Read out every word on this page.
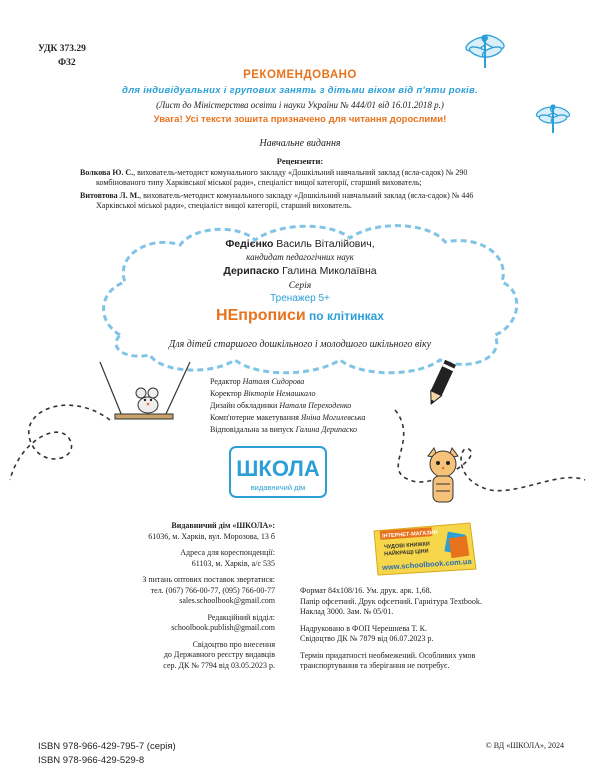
УДК 373.29
Ф32
РЕКОМЕНДОВАНО
для індивідуальних і групових занять з дітьми віком від п'яти років.
(Лист до Міністерства освіти і науки України № 444/01 від 16.01.2018 р.)
Увага! Усі тексти зошита призначено для читання дорослими!
Навчальне видання
Рецензенти:
Волкова Ю. С., вихователь-методист комунального закладу «Дошкільний навчальний заклад (ясла-садок) № 290
комбінованого типу Харківської міської ради», спеціаліст вищої категорії, старший вихователь;
Витовтова Л. М., вихователь-методист комунального закладу «Дошкільний навчальний заклад (ясла-садок) № 446
Харківської міської ради», спеціаліст вищої категорії, старший вихователь.
Федієнко Василь Віталійович,
кандидат педагогічних наук
Дерипаско Галина Миколаївна
Серія
Тренажер 5+
НЕпрописи по клітинках
Для дітей старшого дошкільного і молодшого шкільного віку
Редактор Наталя Сидорова
Коректор Вікторія Немашкало
Дизайн обкладинки Наталя Переходенко
Комп'ютерне макетування Яніна Могилевська
Відповідальна за випуск Галина Дерипаско
ШКОЛА
видавничий дім
Видавничий дім «ШКОЛА»:
61036, м. Харків, вул. Морозова, 13 б
Адреса для кореспонденції:
61103, м. Харків, а/с 535
З питань оптових поставок звертатися:
тел. (067) 766-00-77, (095) 766-00-77
sales.schoolbook@gmail.com
Редакційний відділ:
schoolbook.publish@gmail.com
Свідоцтво про внесення
до Державного реєстру видавців
сер. ДК № 7794 від 03.05.2023 р.
ІНТЕРНЕТ-МАГАЗИН
ЧУДОВІ КНИЖКИ
НАЙКРАЩІ ЦІНИ
www.schoolbook.com.ua
Формат 84х108/16. Ум. друк. арк. 1,68.
Папір офсетний. Друк офсетний. Гарнітура Textbook.
Наклад 3000. Зам. № 05/01.
Надруковано в ФОП Черешнева Т. К.
Свідоцтво ДК № 7879 від 06.07.2023 р.
Термін придатності необмежений. Особливих умов
транспортування та зберігання не потребує.
ISBN 978-966-429-795-7 (серія)
ISBN 978-966-429-529-8
© ВД «ШКОЛА», 2024
